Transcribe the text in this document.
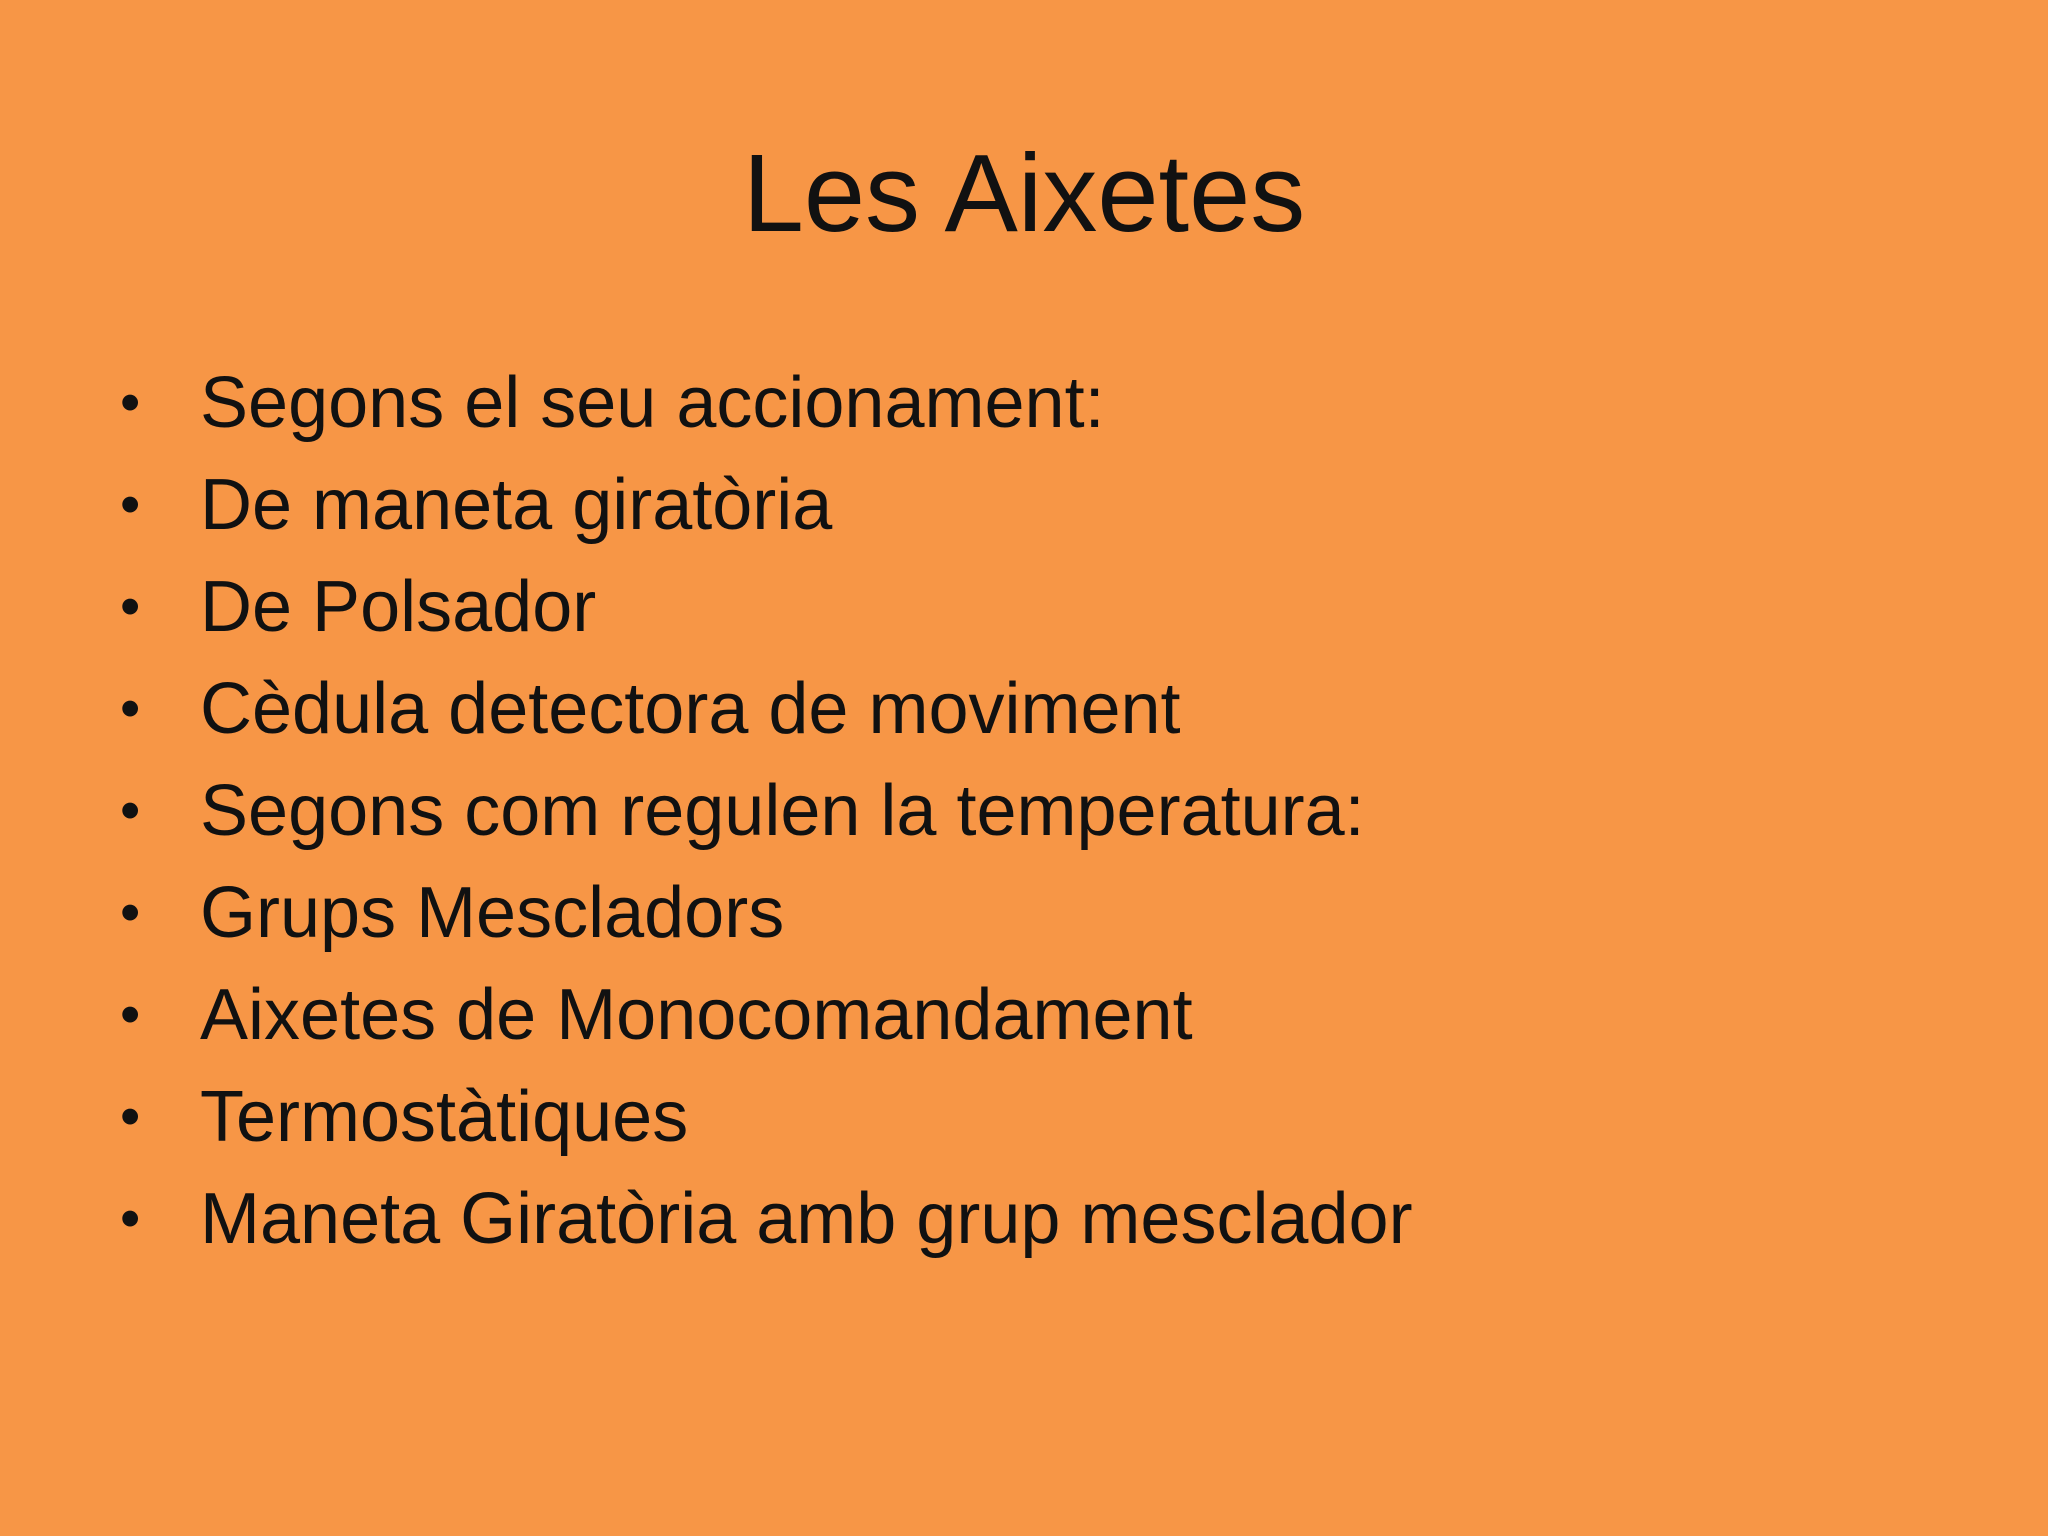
Les Aixetes
• Segons el seu accionament:
• De maneta giratòria
• De Polsador
• Cèdula detectora de moviment
• Segons com regulen la temperatura:
• Grups Mescladors
• Aixetes de Monocomandament
• Termostàtiques
• Maneta Giratòria amb grup mesclador
